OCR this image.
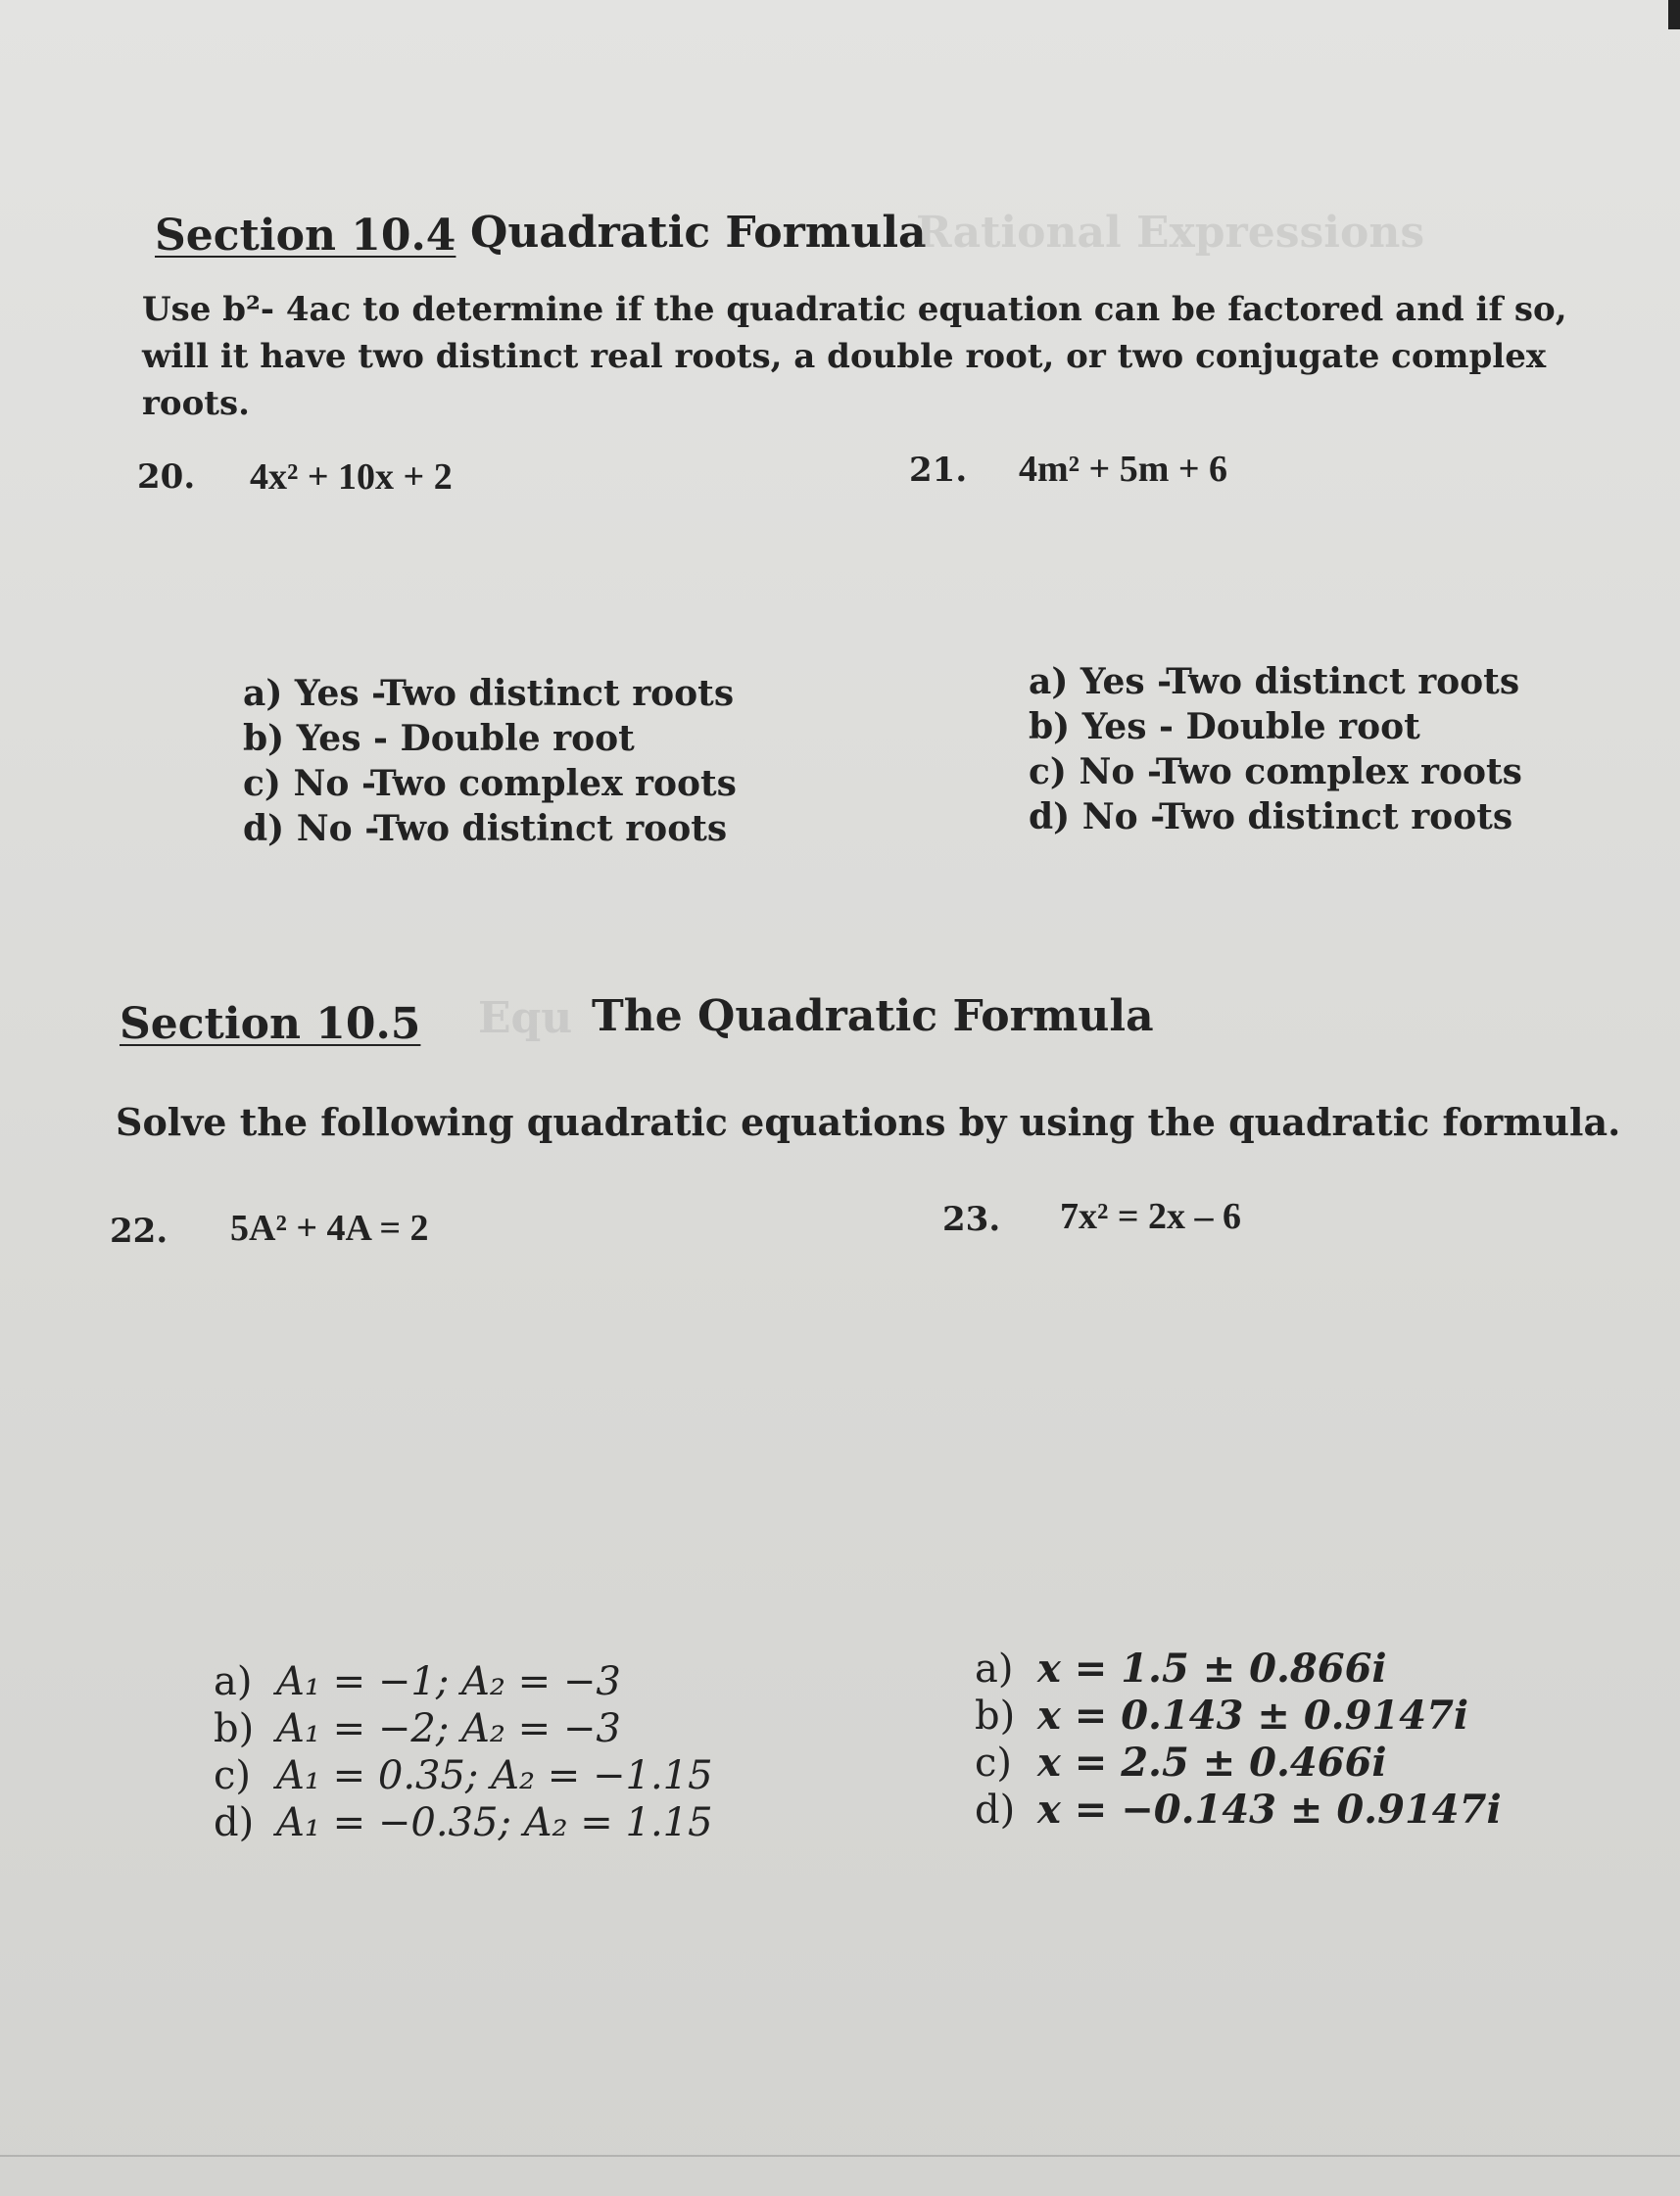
Section 10.4 Quadratic Formula
Rational Expressions
Use b²- 4ac to determine if the quadratic equation can be factored and if so, will it have two distinct real roots, a double root, or two conjugate complex roots.
20. 4x² + 10x + 2	21. 4m² + 5m + 6
a) Yes -Two distinct roots
b) Yes - Double root
c) No -Two complex roots
d) No -Two distinct roots
a) Yes -Two distinct roots
b) Yes - Double root
c) No -Two complex roots
d) No -Two distinct roots
Section 10.5 Equ The Quadratic Formula
Solve the following quadratic equations by using the quadratic formula.
22. 5A² + 4A = 2	23. 7x² = 2x – 6
a) A₁ = −1; A₂ = −3
b) A₁ = −2; A₂ = −3
c) A₁ = 0.35; A₂ = −1.15
d) A₁ = −0.35; A₂ = 1.15
a) x = 1.5 ± 0.866i
b) x = 0.143 ± 0.9147i
c) x = 2.5 ± 0.466i
d) x = −0.143 ± 0.9147i
